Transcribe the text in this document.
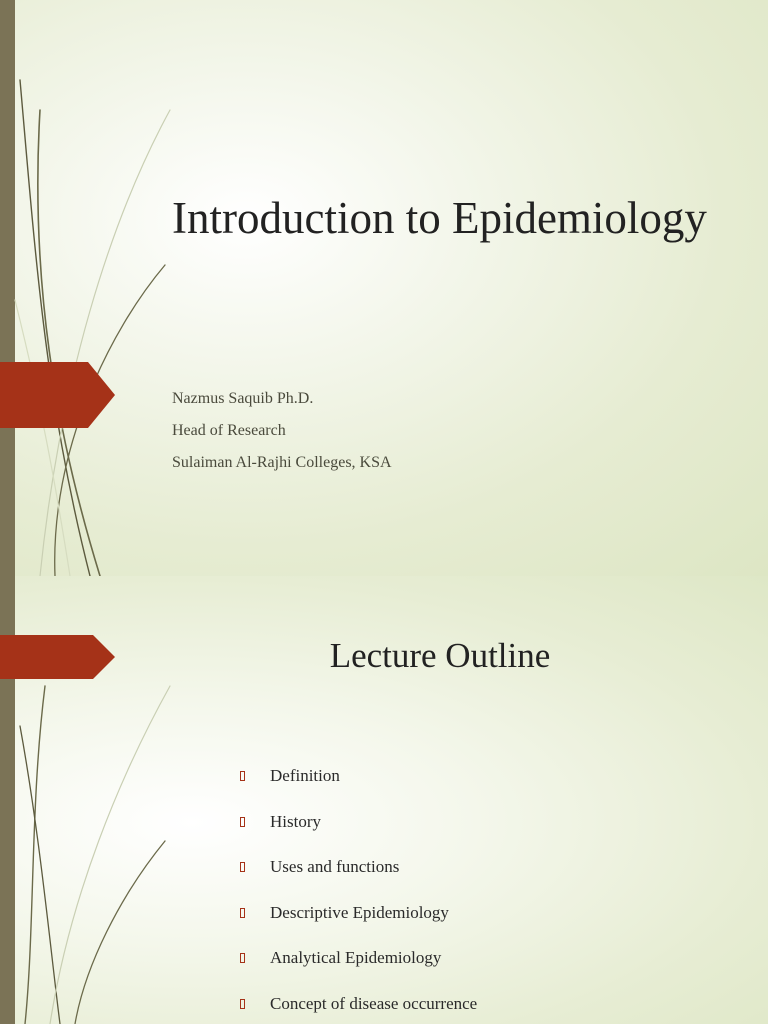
Introduction to Epidemiology
Nazmus Saquib Ph.D.
Head of Research
Sulaiman Al-Rajhi Colleges, KSA
Lecture Outline
Definition
History
Uses and functions
Descriptive Epidemiology
Analytical Epidemiology
Concept of disease occurrence
